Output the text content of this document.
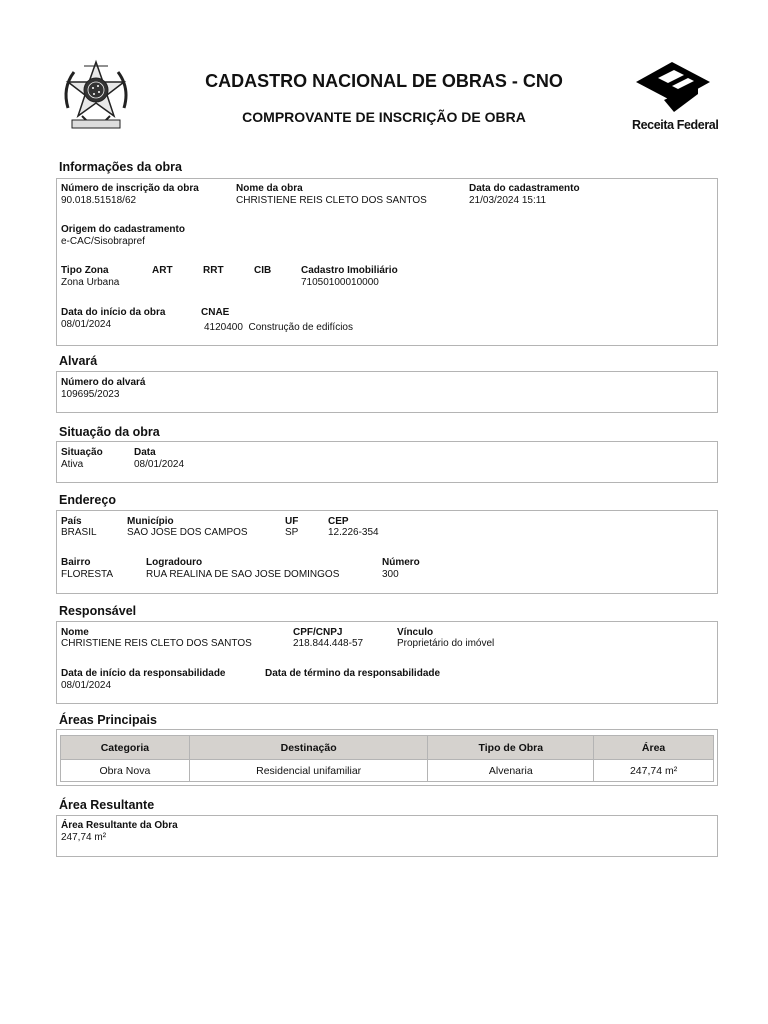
CADASTRO NACIONAL DE OBRAS - CNO
COMPROVANTE DE INSCRIÇÃO DE OBRA	Receita Federal
Informações da obra
Número de inscrição da obra
90.018.51518/62
Nome da obra
CHRISTIENE REIS CLETO DOS SANTOS
Data do cadastramento
21/03/2024 15:11
Origem do cadastramento
e-CAC/Sisobrapref
Tipo Zona
Zona Urbana
ART	RRT	CIB	Cadastro Imobiliário
71050100010000
Data do início da obra
08/01/2024
CNAE
4120400  Construção de edifícios
Alvará
Número do alvará
109695/2023
Situação da obra
Situação
Ativa
Data
08/01/2024
Endereço
País
BRASIL
Município
SAO JOSE DOS CAMPOS
UF
SP
CEP
12.226-354
Bairro
FLORESTA
Logradouro
RUA REALINA DE SAO JOSE DOMINGOS
Número
300
Responsável
Nome
CHRISTIENE REIS CLETO DOS SANTOS
CPF/CNPJ
218.844.448-57
Vínculo
Proprietário do imóvel
Data de início da responsabilidade
08/01/2024
Data de término da responsabilidade
Áreas Principais
Categoria	Destinação	Tipo de Obra	Área
Obra Nova	Residencial unifamiliar	Alvenaria	247,74 m²
Área Resultante
Área Resultante da Obra
247,74 m²
